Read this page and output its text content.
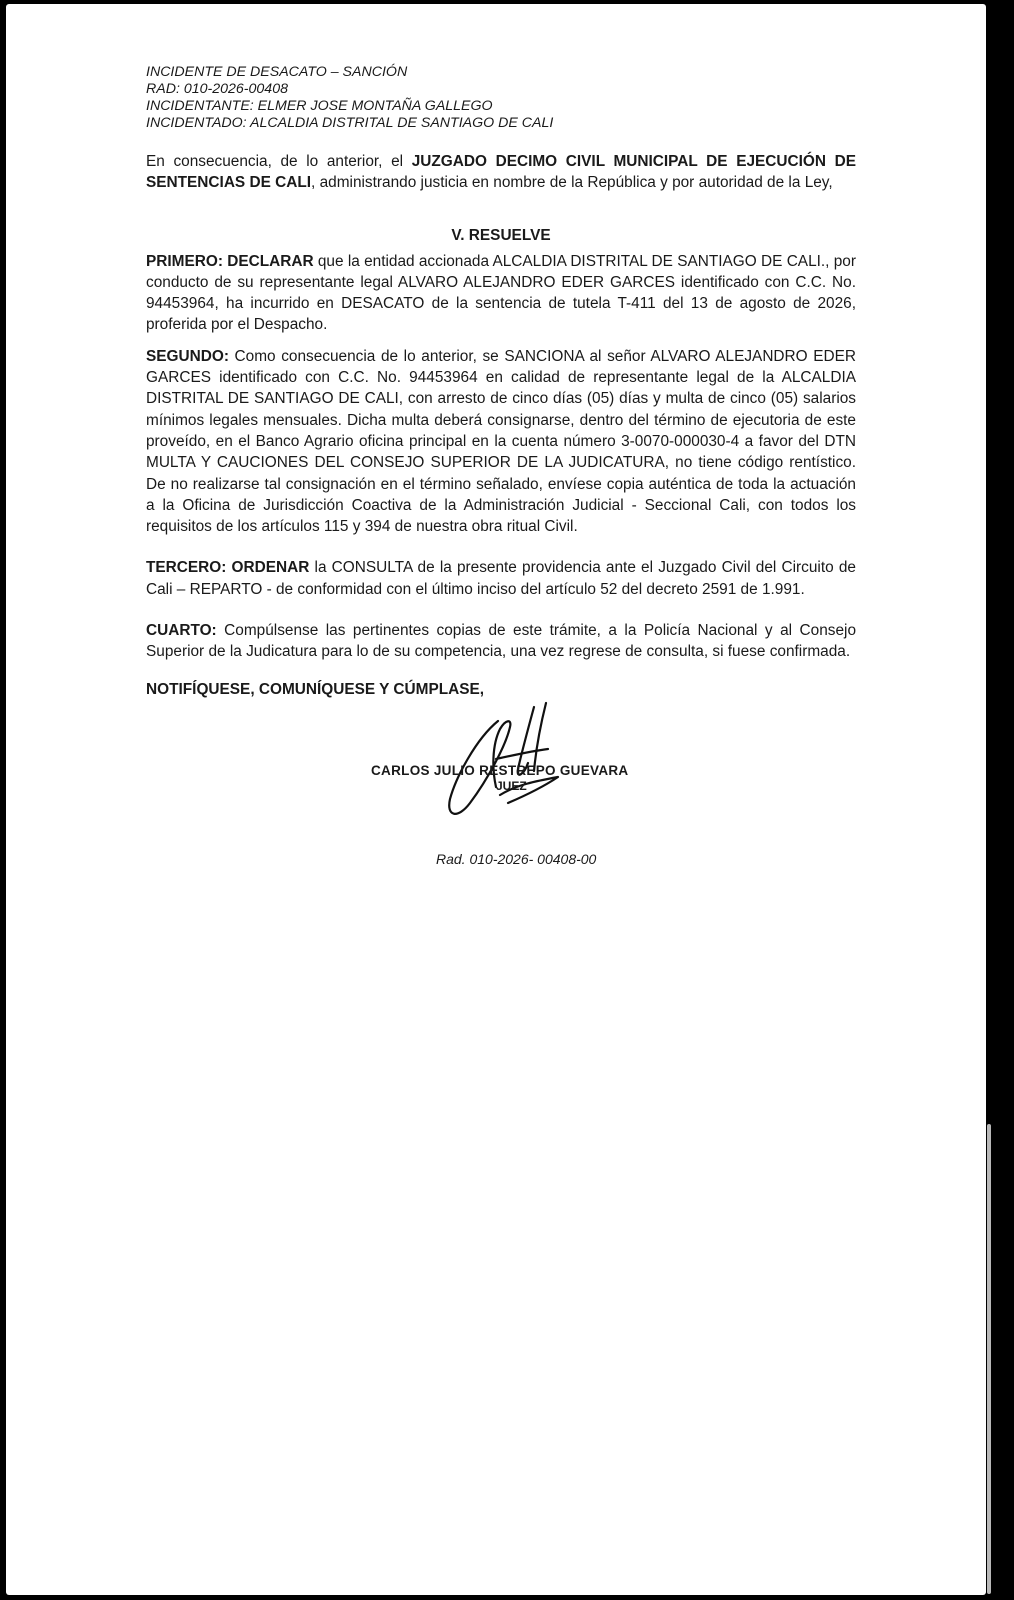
INCIDENTE DE DESACATO – SANCIÓN
RAD: 010-2026-00408
INCIDENTANTE: ELMER JOSE MONTAÑA GALLEGO
INCIDENTADO: ALCALDIA DISTRITAL DE SANTIAGO DE CALI

En consecuencia, de lo anterior, el JUZGADO DECIMO CIVIL MUNICIPAL DE EJECUCIÓN DE SENTENCIAS DE CALI, administrando justicia en nombre de la República y por autoridad de la Ley,

V. RESUELVE

PRIMERO: DECLARAR que la entidad accionada ALCALDIA DISTRITAL DE SANTIAGO DE CALI., por conducto de su representante legal ALVARO ALEJANDRO EDER GARCES identificado con C.C. No. 94453964, ha incurrido en DESACATO de la sentencia de tutela T-411 del 13 de agosto de 2026, proferida por el Despacho.

SEGUNDO: Como consecuencia de lo anterior, se SANCIONA al señor ALVARO ALEJANDRO EDER GARCES identificado con C.C. No. 94453964 en calidad de representante legal de la ALCALDIA DISTRITAL DE SANTIAGO DE CALI, con arresto de cinco días (05) días y multa de cinco (05) salarios mínimos legales mensuales. Dicha multa deberá consignarse, dentro del término de ejecutoria de este proveído, en el Banco Agrario oficina principal en la cuenta número 3-0070-000030-4 a favor del DTN MULTA Y CAUCIONES DEL CONSEJO SUPERIOR DE LA JUDICATURA, no tiene código rentístico. De no realizarse tal consignación en el término señalado, envíese copia auténtica de toda la actuación a la Oficina de Jurisdicción Coactiva de la Administración Judicial - Seccional Cali, con todos los requisitos de los artículos 115 y 394 de nuestra obra ritual Civil.

TERCERO: ORDENAR la CONSULTA de la presente providencia ante el Juzgado Civil del Circuito de Cali – REPARTO - de conformidad con el último inciso del artículo 52 del decreto 2591 de 1.991.

CUARTO: Compúlsense las pertinentes copias de este trámite, a la Policía Nacional y al Consejo Superior de la Judicatura para lo de su competencia, una vez regrese de consulta, si fuese confirmada.

NOTIFÍQUESE, COMUNÍQUESE Y CÚMPLASE,
CARLOS JULIO RESTREPO GUEVARA
JUEZ
Rad. 010-2026- 00408-00
